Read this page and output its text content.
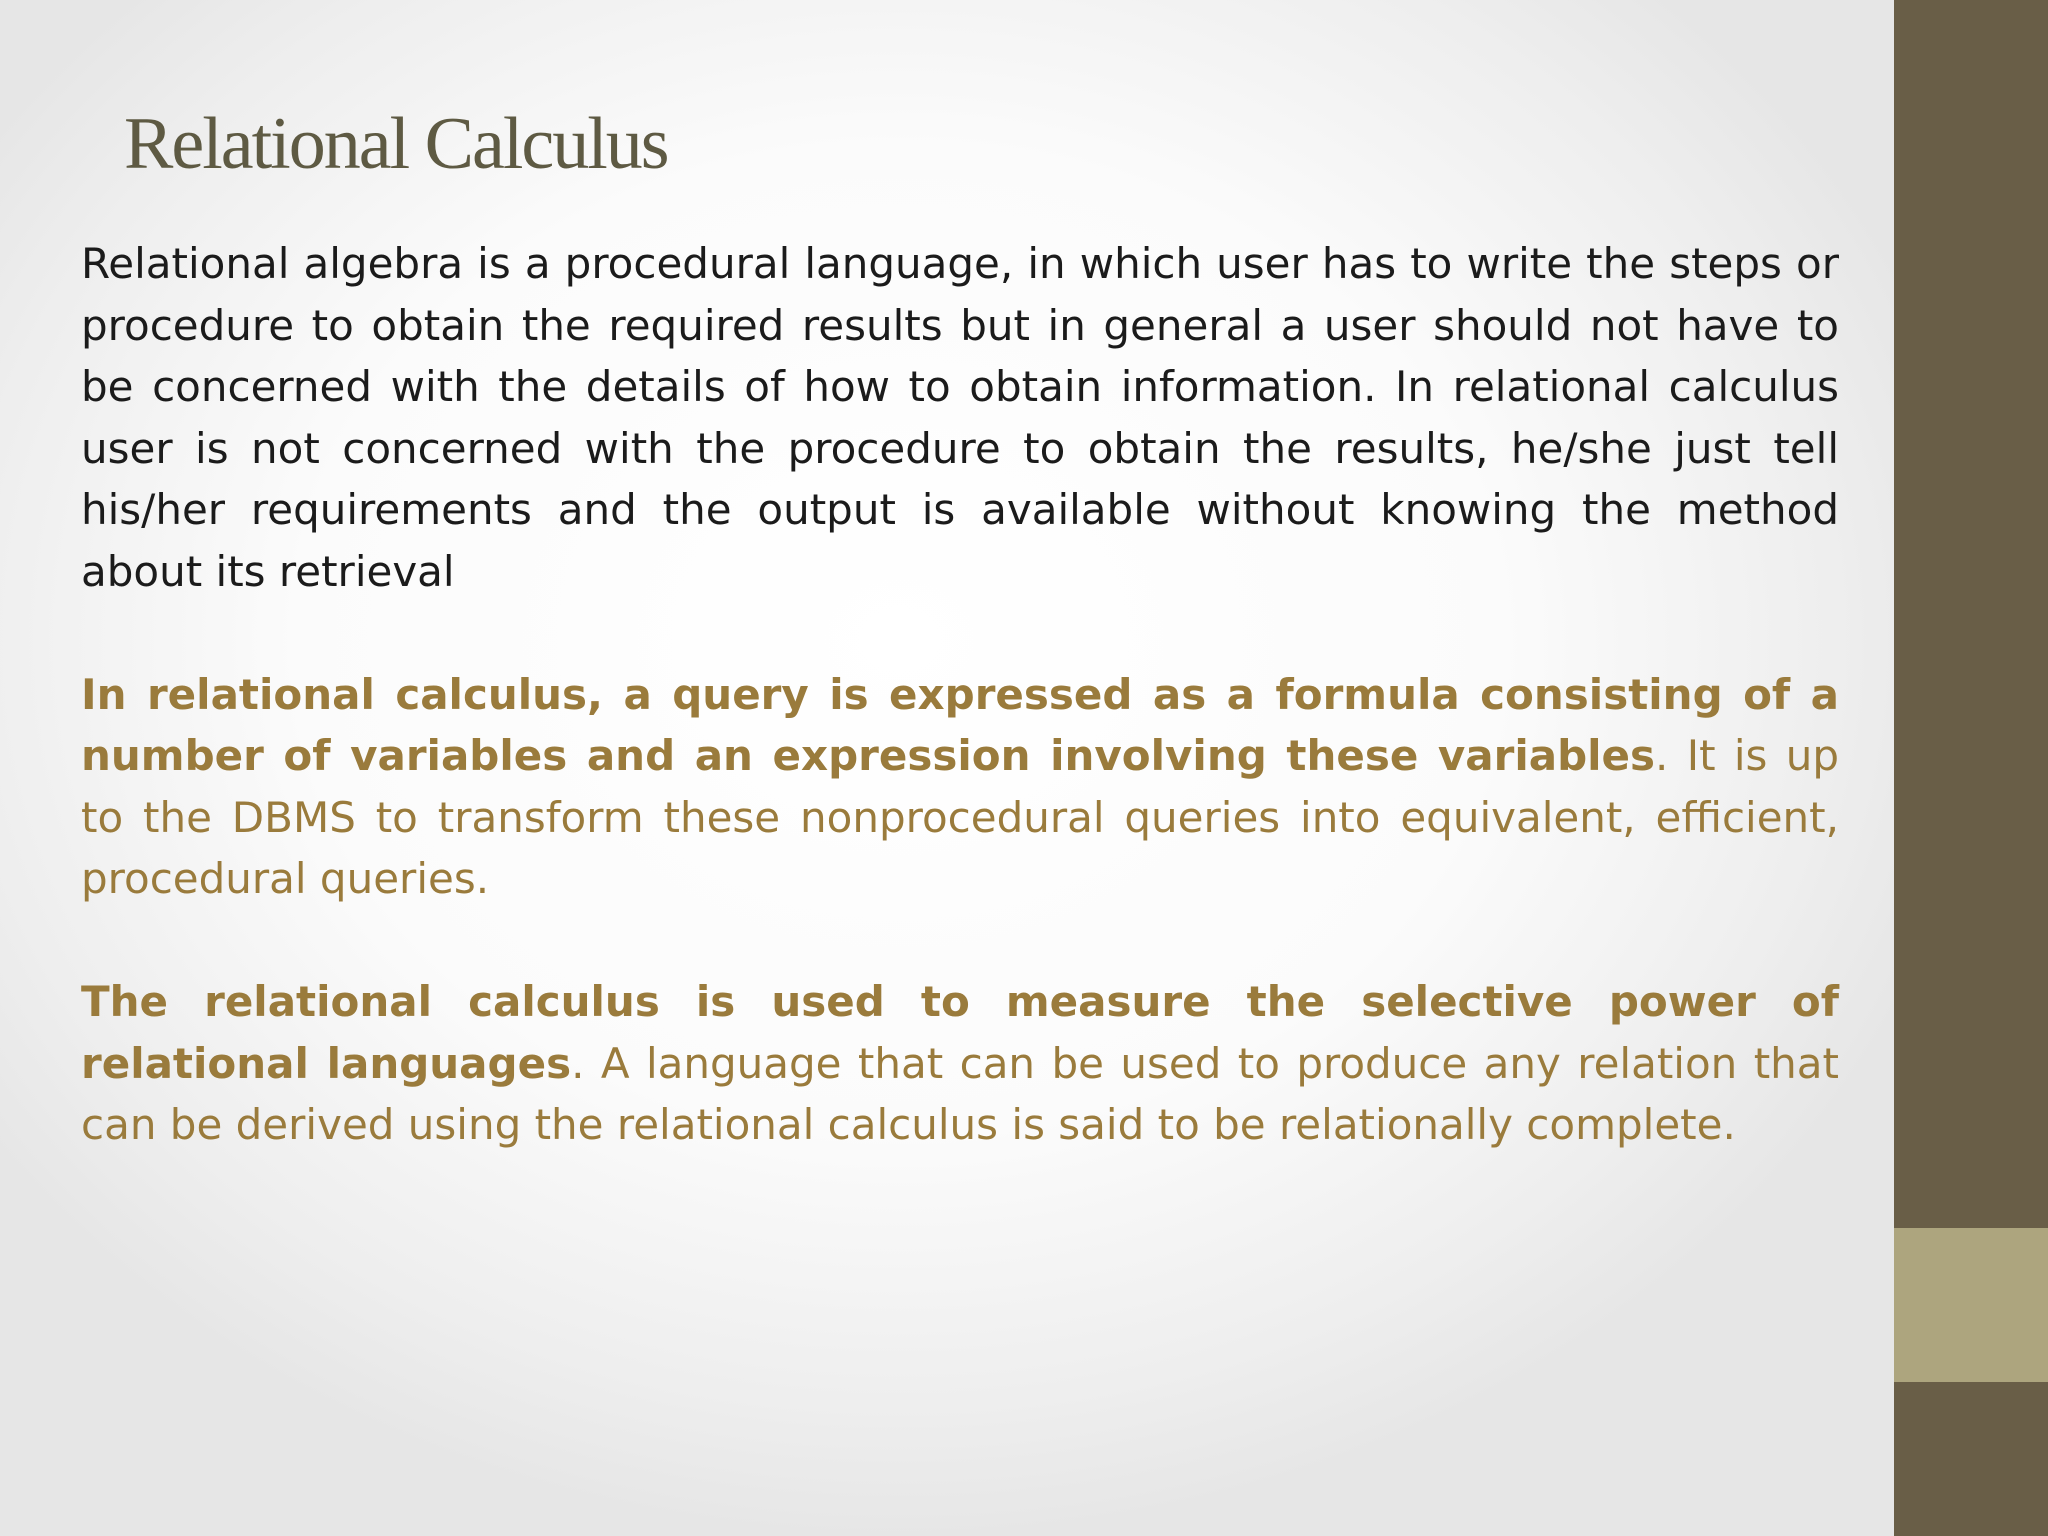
Relational Calculus

Relational algebra is a procedural language, in which user has to write the steps or procedure to obtain the required results but in general a user should not have to be concerned with the details of how to obtain information. In relational calculus user is not concerned with the procedure to obtain the results, he/she just tell his/her requirements and the output is available without knowing the method about its retrieval

In relational calculus, a query is expressed as a formula consisting of a number of variables and an expression involving these variables. It is up to the DBMS to transform these nonprocedural queries into equivalent, efficient, procedural queries.

The relational calculus is used to measure the selective power of relational languages. A language that can be used to produce any relation that can be derived using the relational calculus is said to be relationally complete.
